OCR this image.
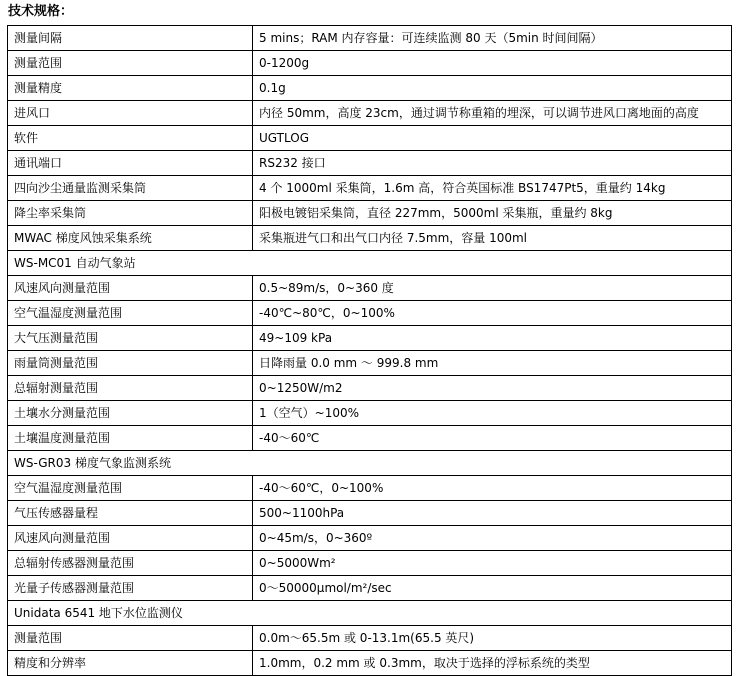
技术规格：
测量间隔	5 mins；RAM 内存容量：可连续监测 80 天（5min 时间间隔）
测量范围	0-1200g
测量精度	0.1g
进风口	内径 50mm，高度 23cm，通过调节称重箱的埋深，可以调节进风口离地面的高度
软件	UGTLOG
通讯端口	RS232 接口
四向沙尘通量监测采集筒	4 个 1000ml 采集筒，1.6m 高，符合英国标准 BS1747Pt5，重量约 14kg
降尘率采集筒	阳极电镀铝采集筒，直径 227mm，5000ml 采集瓶，重量约 8kg
MWAC 梯度风蚀采集系统	采集瓶进气口和出气口内径 7.5mm，容量 100ml
WS-MC01 自动气象站	
风速风向测量范围	0.5~89m/s，0~360 度
空气温湿度测量范围	-40℃~80℃，0~100%
大气压测量范围	49~109 kPa
雨量筒测量范围	日降雨量 0.0 mm ～ 999.8 mm
总辐射测量范围	0~1250W/m2
土壤水分测量范围	1（空气）~100%
土壤温度测量范围	-40～60℃
WS-GR03 梯度气象监测系统	
空气温湿度测量范围	-40～60℃，0~100%
气压传感器量程	500~1100hPa
风速风向测量范围	0~45m/s，0~360º
总辐射传感器测量范围	0~5000Wm²
光量子传感器测量范围	0～50000μmol/m²/sec
Unidata 6541 地下水位监测仪	
测量范围	0.0m～65.5m 或 0-13.1m(65.5 英尺)
精度和分辨率	1.0mm，0.2 mm 或 0.3mm，取决于选择的浮标系统的类型
